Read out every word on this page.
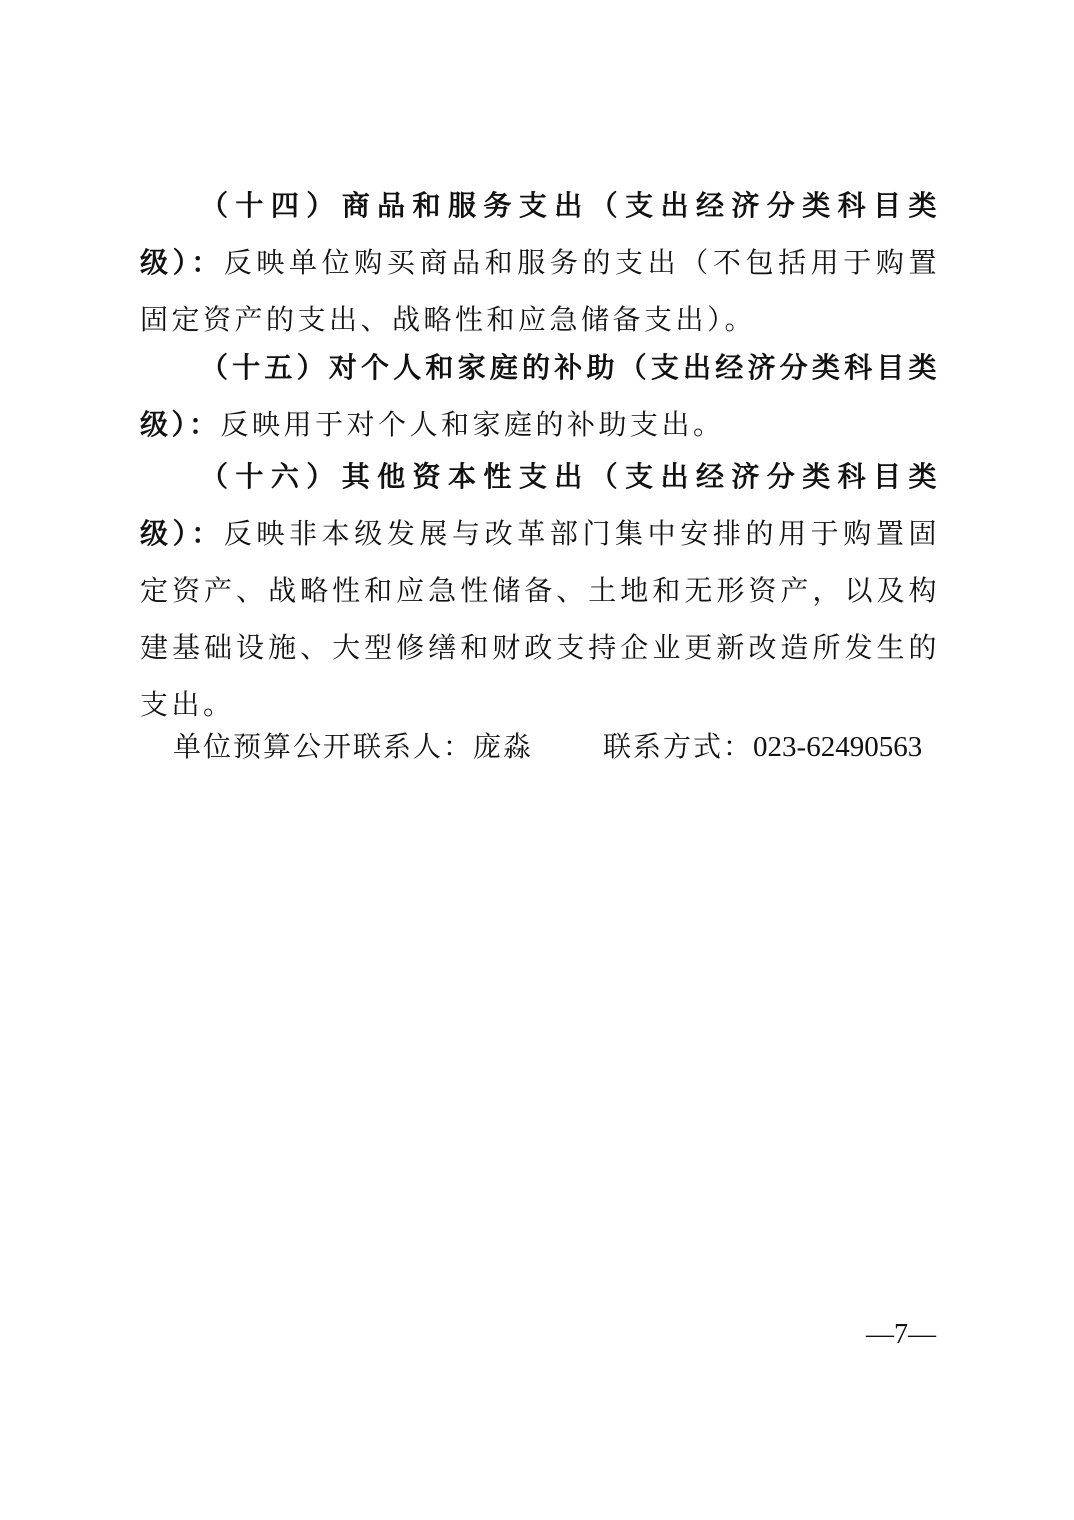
（十四）商品和服务支出（支出经济分类科目类级）：反映单位购买商品和服务的支出（不包括用于购置固定资产的支出、战略性和应急储备支出）。

（十五）对个人和家庭的补助（支出经济分类科目类级）：反映用于对个人和家庭的补助支出。

（十六）其他资本性支出（支出经济分类科目类级）：反映非本级发展与改革部门集中安排的用于购置固定资产、战略性和应急性储备、土地和无形资产，以及构建基础设施、大型修缮和财政支持企业更新改造所发生的支出。

单位预算公开联系人：庞淼	联系方式：023-62490563
—7—
